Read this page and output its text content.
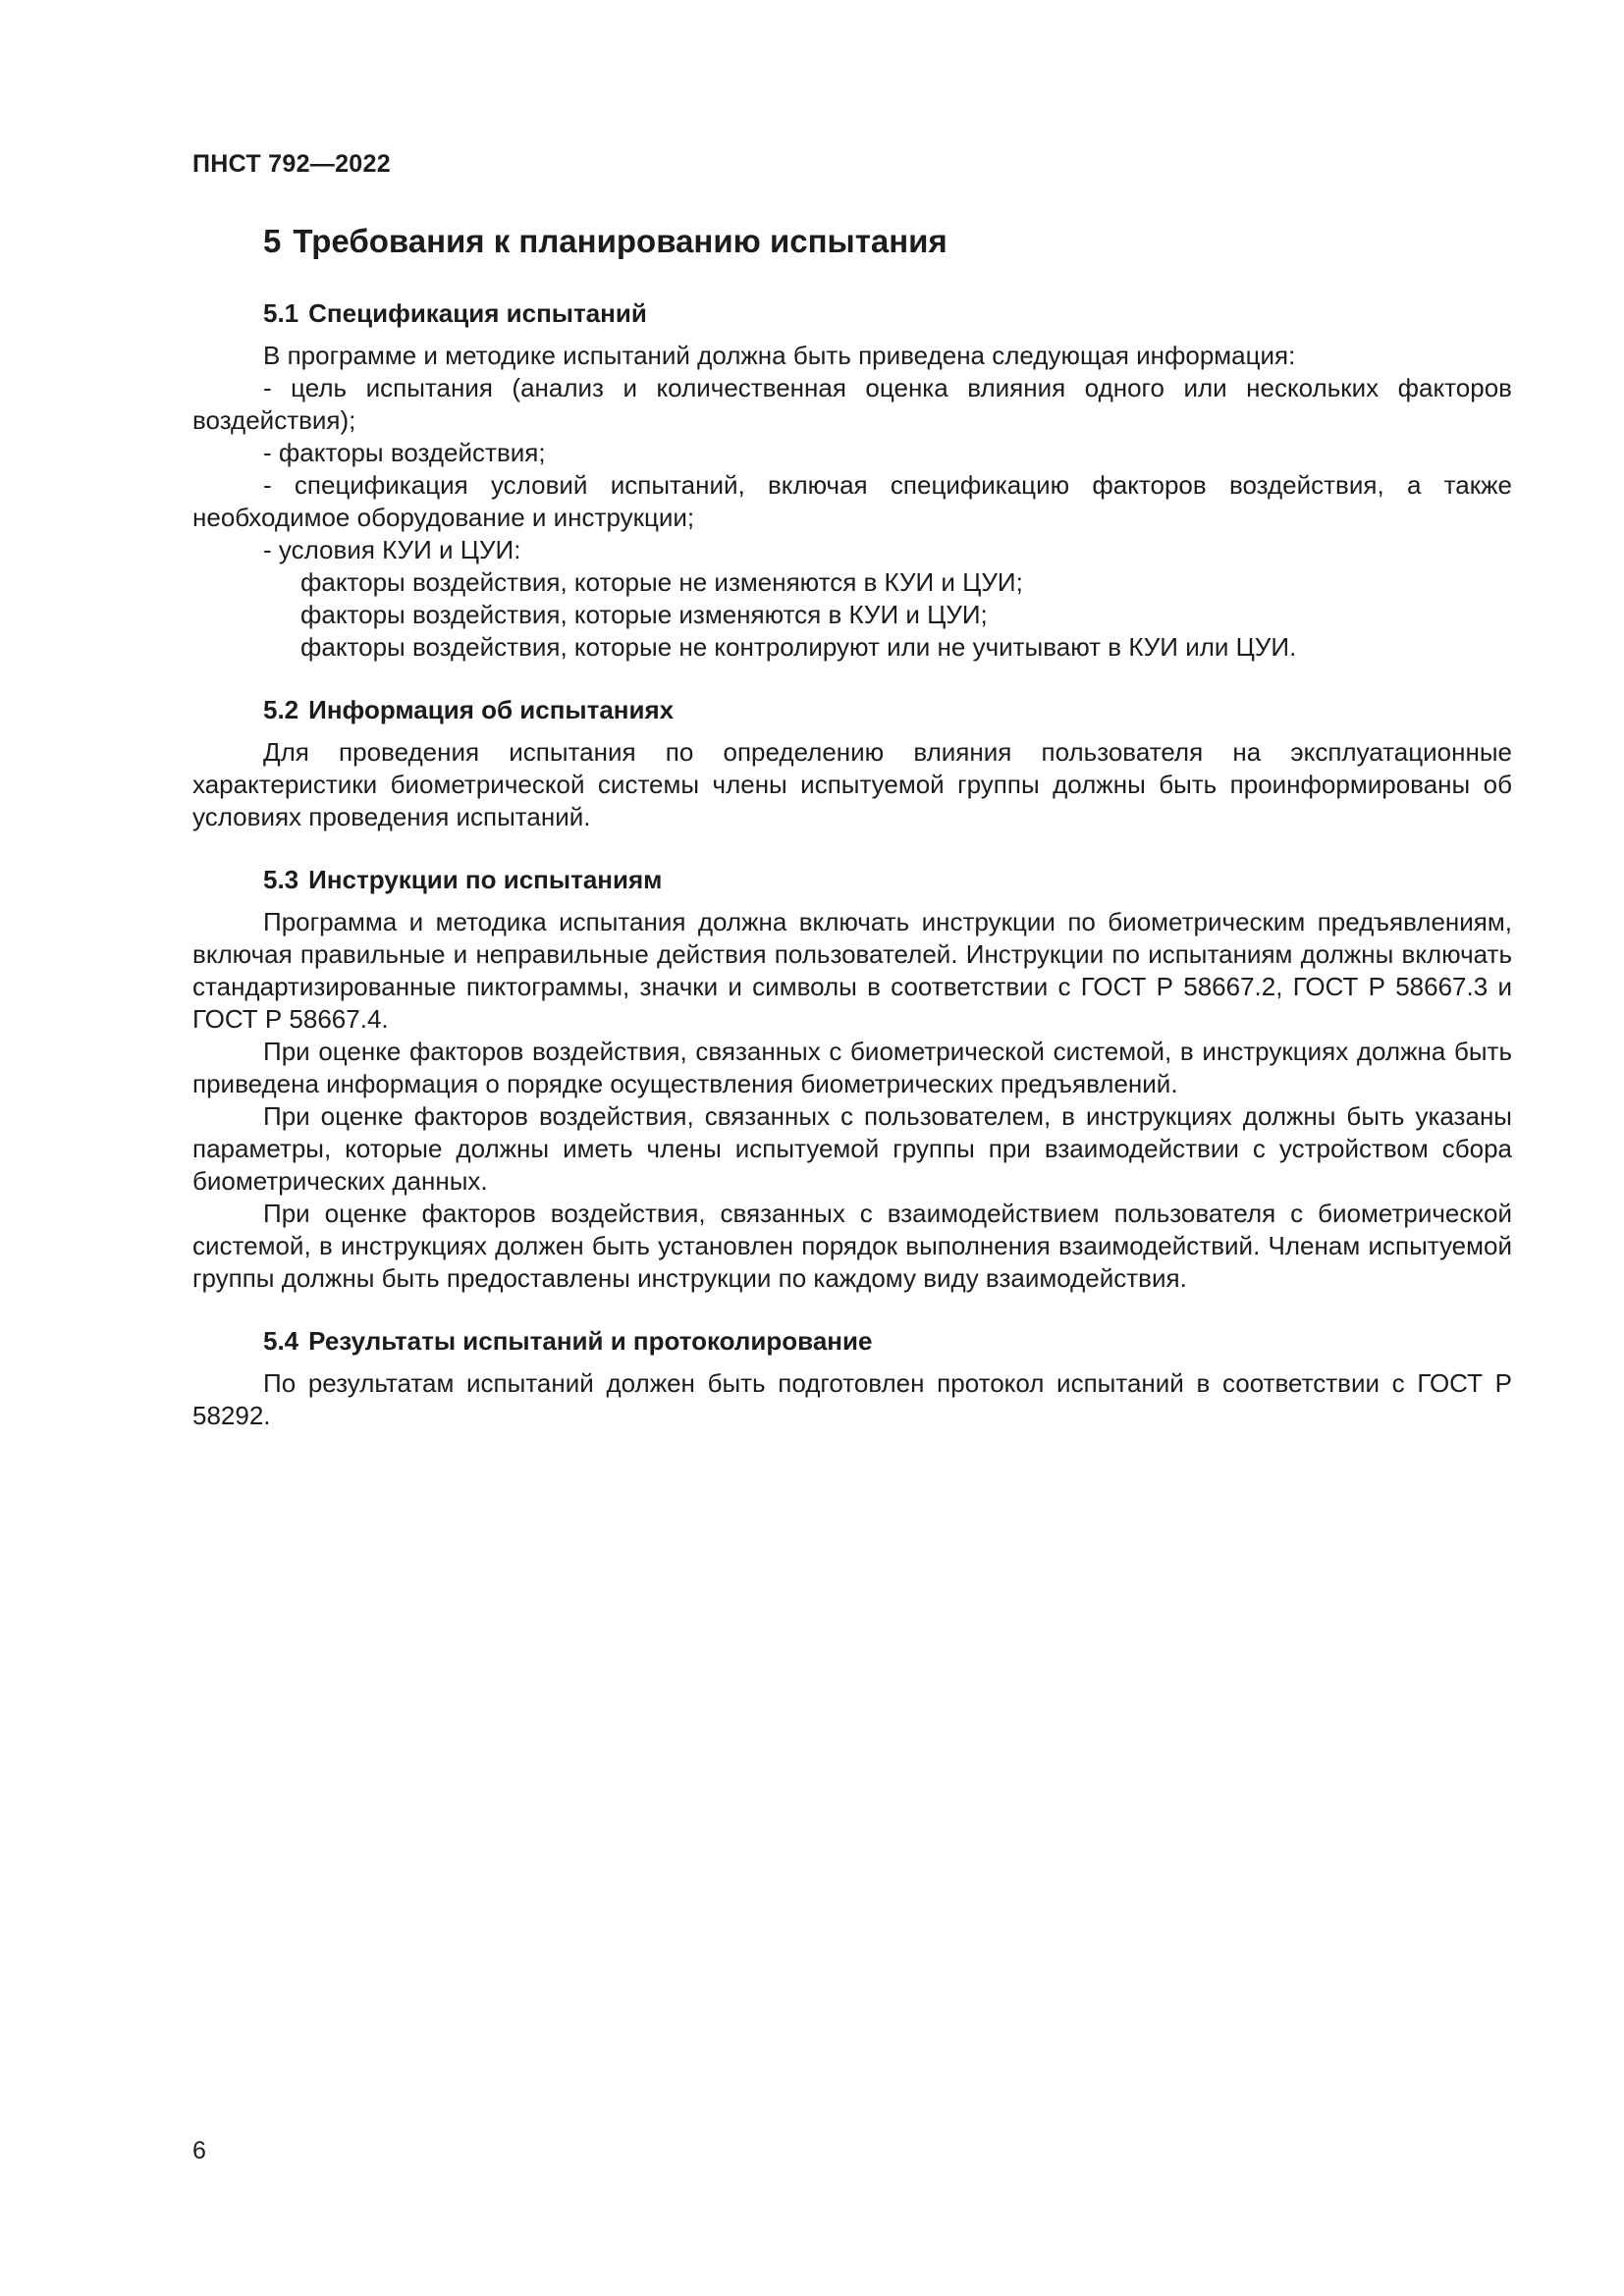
ПНСТ 792—2022
5 Требования к планированию испытания
5.1 Спецификация испытаний

В программе и методике испытаний должна быть приведена следующая информация:

- цель испытания (анализ и количественная оценка влияния одного или нескольких факторов воздействия);

- факторы воздействия;

- спецификация условий испытаний, включая спецификацию факторов воздействия, а также необходимое оборудование и инструкции;

- условия КУИ и ЦУИ:

факторы воздействия, которые не изменяются в КУИ и ЦУИ;

факторы воздействия, которые изменяются в КУИ и ЦУИ;

факторы воздействия, которые не контролируют или не учитывают в КУИ или ЦУИ.

5.2 Информация об испытаниях

Для проведения испытания по определению влияния пользователя на эксплуатационные характеристики биометрической системы члены испытуемой группы должны быть проинформированы об условиях проведения испытаний.

5.3 Инструкции по испытаниям

Программа и методика испытания должна включать инструкции по биометрическим предъявлениям, включая правильные и неправильные действия пользователей. Инструкции по испытаниям должны включать стандартизированные пиктограммы, значки и символы в соответствии с ГОСТ Р 58667.2, ГОСТ Р 58667.3 и ГОСТ Р 58667.4.

При оценке факторов воздействия, связанных с биометрической системой, в инструкциях должна быть приведена информация о порядке осуществления биометрических предъявлений.

При оценке факторов воздействия, связанных с пользователем, в инструкциях должны быть указаны параметры, которые должны иметь члены испытуемой группы при взаимодействии с устройством сбора биометрических данных.

При оценке факторов воздействия, связанных с взаимодействием пользователя с биометрической системой, в инструкциях должен быть установлен порядок выполнения взаимодействий. Членам испытуемой группы должны быть предоставлены инструкции по каждому виду взаимодействия.

5.4 Результаты испытаний и протоколирование

По результатам испытаний должен быть подготовлен протокол испытаний в соответствии с ГОСТ Р 58292.

6
